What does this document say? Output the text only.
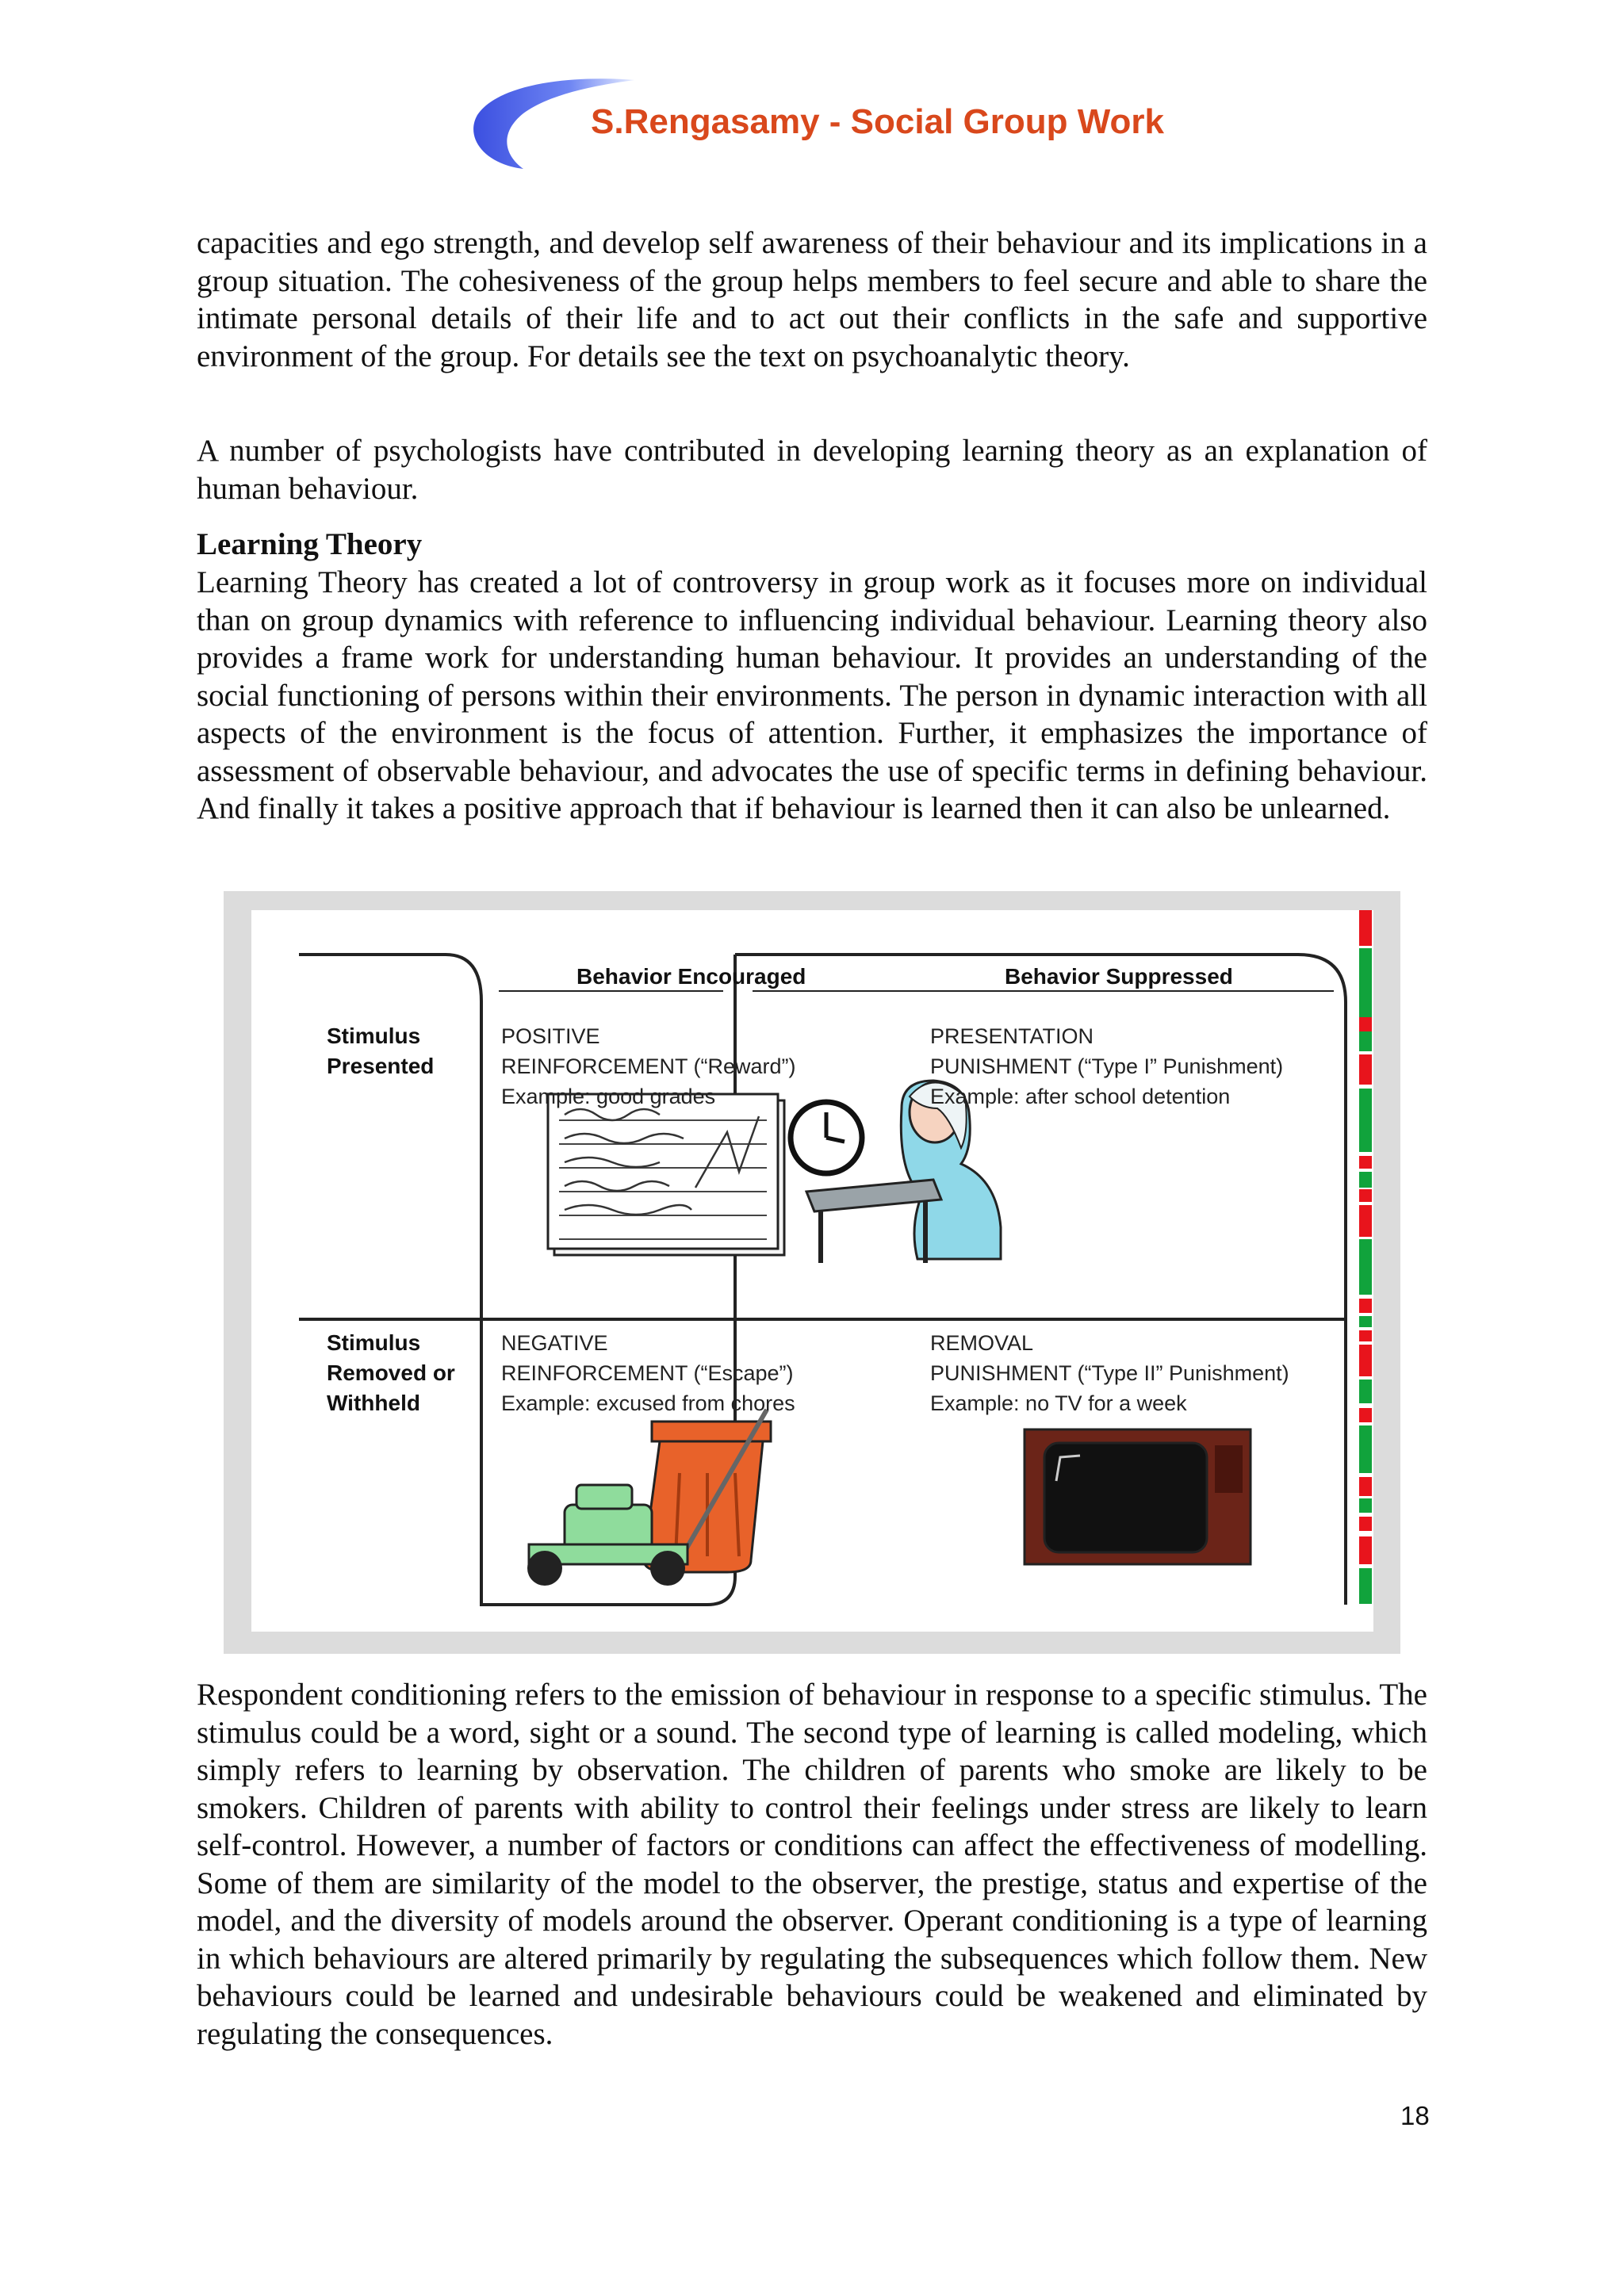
S.Rengasamy - Social Group Work

capacities and ego strength, and develop self awareness of their behaviour and its implications in a group situation. The cohesiveness of the group helps members to feel secure and able to share the intimate personal details of their life and to act out their conflicts in the safe and supportive environment of the group. For details see the text on psychoanalytic theory.

A number of psychologists have contributed in developing learning theory as an explanation of human behaviour.

Learning Theory

Learning Theory has created a lot of controversy in group work as it focuses more on individual than on group dynamics with reference to influencing individual behaviour. Learning theory also provides a frame work for understanding human behaviour. It provides an understanding of the social functioning of persons within their environments. The person in dynamic interaction with all aspects of the environment is the focus of attention. Further, it emphasizes the importance of assessment of observable behaviour, and advocates the use of specific terms in defining behaviour. And finally it takes a positive approach that if behaviour is learned then it can also be unlearned.

Behavior Encouraged	Behavior Suppressed
Stimulus
Presented
Stimulus
Removed or
Withheld
POSITIVE
REINFORCEMENT (“Reward”)
Example: good grades
PRESENTATION
PUNISHMENT (“Type I” Punishment)
Example: after school detention
NEGATIVE
REINFORCEMENT (“Escape”)
Example: excused from chores
REMOVAL
PUNISHMENT (“Type II” Punishment)
Example: no TV for a week

Respondent conditioning refers to the emission of behaviour in response to a specific stimulus. The stimulus could be a word, sight or a sound. The second type of learning is called modeling, which simply refers to learning by observation. The children of parents who smoke are likely to be smokers. Children of parents with ability to control their feelings under stress are likely to learn self-control. However, a number of factors or conditions can affect the effectiveness of modelling. Some of them are similarity of the model to the observer, the prestige, status and expertise of the model, and the diversity of models around the observer. Operant conditioning is a type of learning in which behaviours are altered primarily by regulating the subsequences which follow them. New behaviours could be learned and undesirable behaviours could be weakened and eliminated by regulating the consequences.

18
